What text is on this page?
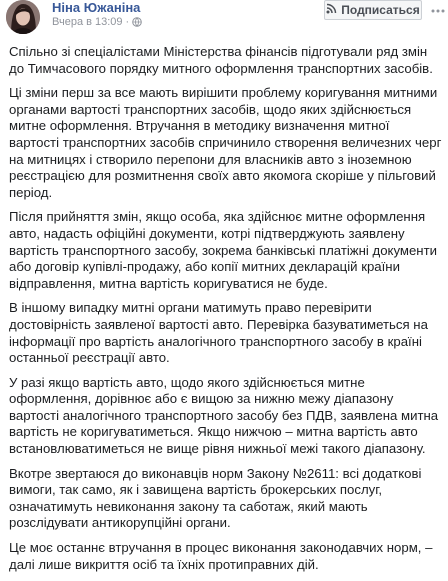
Ніна Южаніна
Вчера в 13:09 ·
Подписаться

Спільно зі спеціалістами Міністерства фінансів підготували ряд змін до Тимчасового порядку митного оформлення транспортних засобів.

Ці зміни перш за все мають вирішити проблему коригування митними органами вартості транспортних засобів, щодо яких здійснюється митне оформлення. Втручання в методику визначення митної вартості транспортних засобів спричинило створення величезних черг на митницях і створило перепони для власників авто з іноземною реєстрацією для розмитнення своїх авто якомога скоріше у пільговий період.

Після прийняття змін, якщо особа, яка здійснює митне оформлення авто, надасть офіційні документи, котрі підтверджують заявлену вартість транспортного засобу, зокрема банківські платіжні документи або договір купівлі-продажу, або копії митних декларацій країни відправлення, митна вартість коригуватися не буде.

В іншому випадку митні органи матимуть право перевірити достовірність заявленої вартості авто. Перевірка базуватиметься на інформації про вартість аналогічного транспортного засобу в країні останньої реєстрації авто.

У разі якщо вартість авто, щодо якого здійснюється митне оформлення, дорівнює або є вищою за нижню межу діапазону вартості аналогічного транспортного засобу без ПДВ, заявлена митна вартість не коригуватиметься. Якщо нижчою – митна вартість авто встановлюватиметься не вище рівня нижньої межі такого діапазону.

Вкотре звертаюся до виконавців норм Закону №2611: всі додаткові вимоги, так само, як і завищена вартість брокерських послуг, означатимуть невиконання закону та саботаж, який мають розслідувати антикорупційні органи.

Це моє останнє втручання в процес виконання законодавчих норм, – далі лише викриття осіб та їхніх протиправних дій.
